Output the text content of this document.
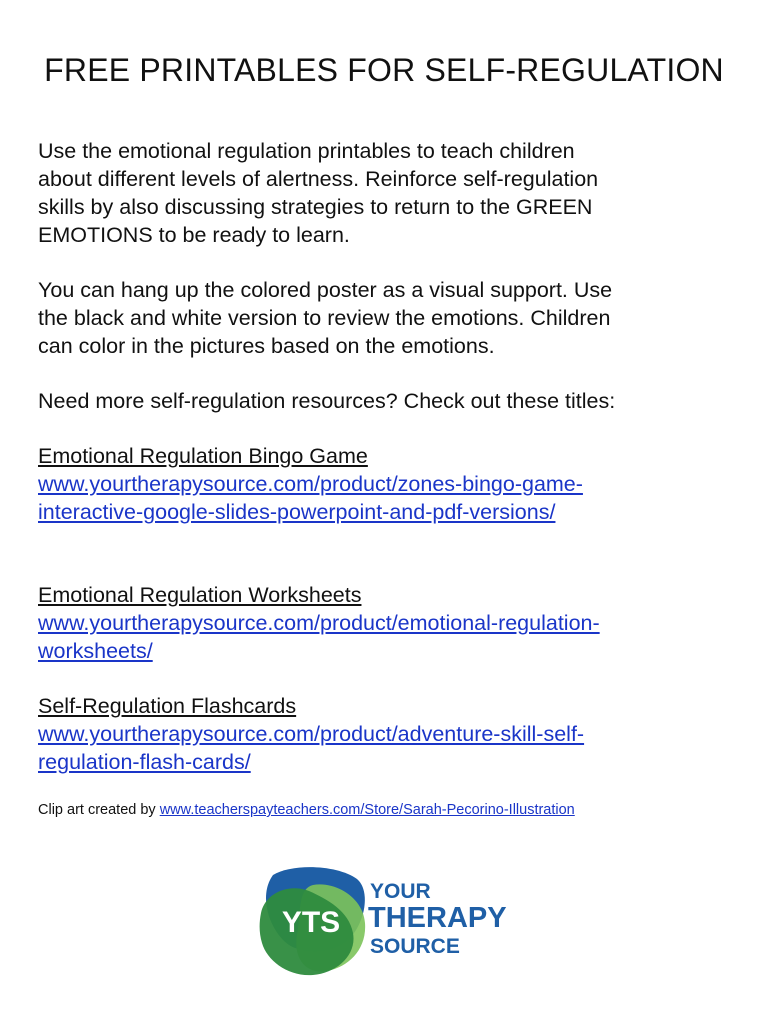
FREE PRINTABLES FOR SELF-REGULATION
Use the emotional regulation printables to teach children
about different levels of alertness. Reinforce self-regulation
skills by also discussing strategies to return to the GREEN
EMOTIONS to be ready to learn.
You can hang up the colored poster as a visual support. Use
the black and white version to review the emotions. Children
can color in the pictures based on the emotions.
Need more self-regulation resources? Check out these titles:
Emotional Regulation Bingo Game
www.yourtherapysource.com/product/zones-bingo-game-
interactive-google-slides-powerpoint-and-pdf-versions/
Emotional Regulation Worksheets
www.yourtherapysource.com/product/emotional-regulation-
worksheets/
Self-Regulation Flashcards
www.yourtherapysource.com/product/adventure-skill-self-
regulation-flash-cards/
Clip art created by www.teacherspayteachers.com/Store/Sarah-Pecorino-Illustration
YTS
YOUR
THERAPY
SOURCE
